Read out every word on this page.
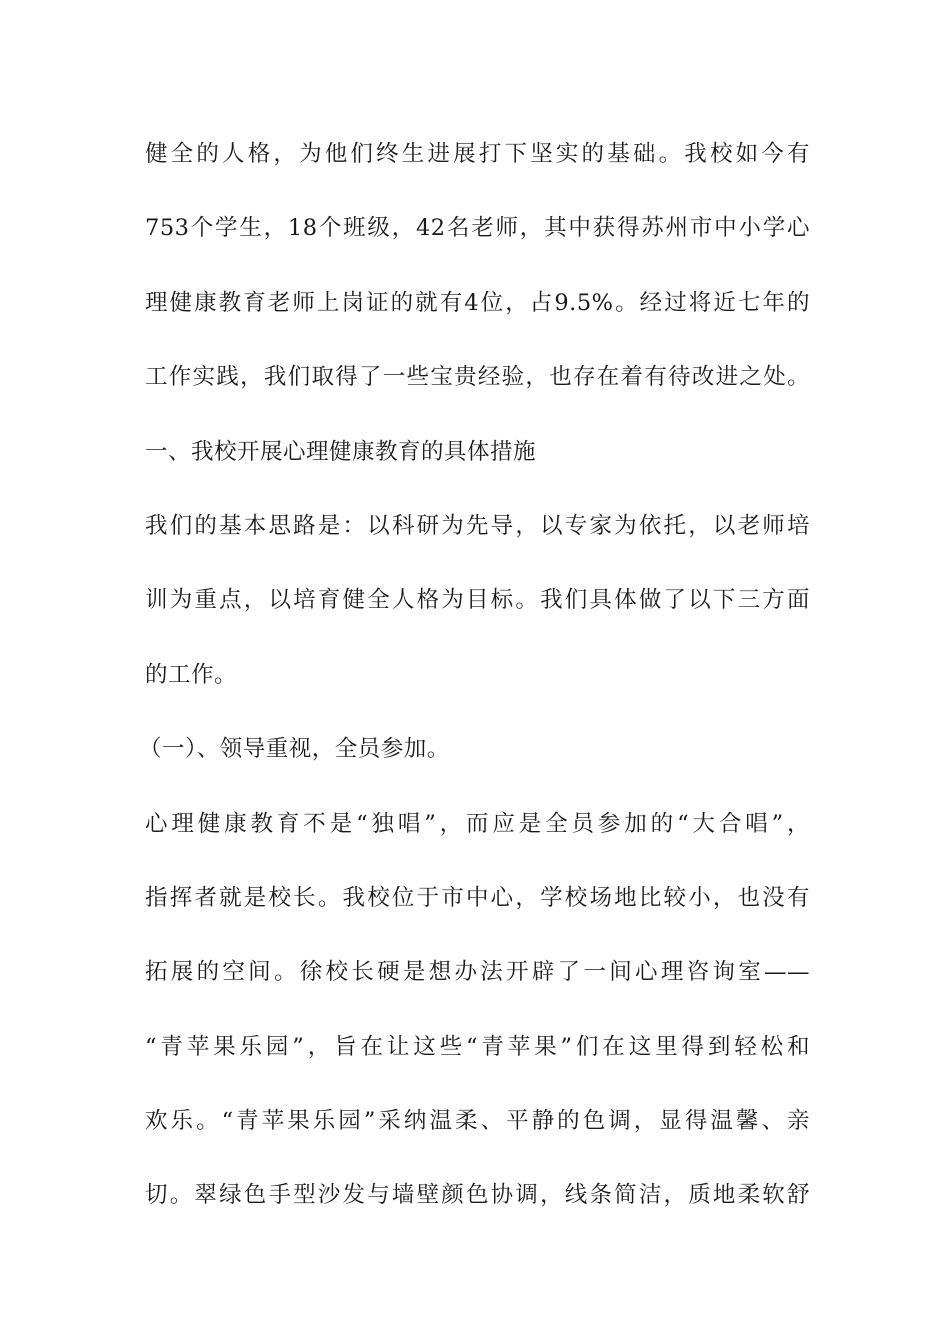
健全的人格，为他们终生进展打下坚实的基础。我校如今有
753个学生，18个班级，42名老师，其中获得苏州市中小学心
理健康教育老师上岗证的就有4位，占9.5%。经过将近七年的
工作实践，我们取得了一些宝贵经验，也存在着有待改进之处。
一、我校开展心理健康教育的具体措施
我们的基本思路是：以科研为先导，以专家为依托，以老师培
训为重点，以培育健全人格为目标。我们具体做了以下三方面
的工作。
（一）、领导重视，全员参加。
心理健康教育不是“独唱”，而应是全员参加的“大合唱”，
指挥者就是校长。我校位于市中心，学校场地比较小，也没有
拓展的空间。徐校长硬是想办法开辟了一间心理咨询室——
“青苹果乐园”，旨在让这些“青苹果”们在这里得到轻松和
欢乐。“青苹果乐园”采纳温柔、平静的色调，显得温馨、亲
切。翠绿色手型沙发与墙壁颜色协调，线条简洁，质地柔软舒
